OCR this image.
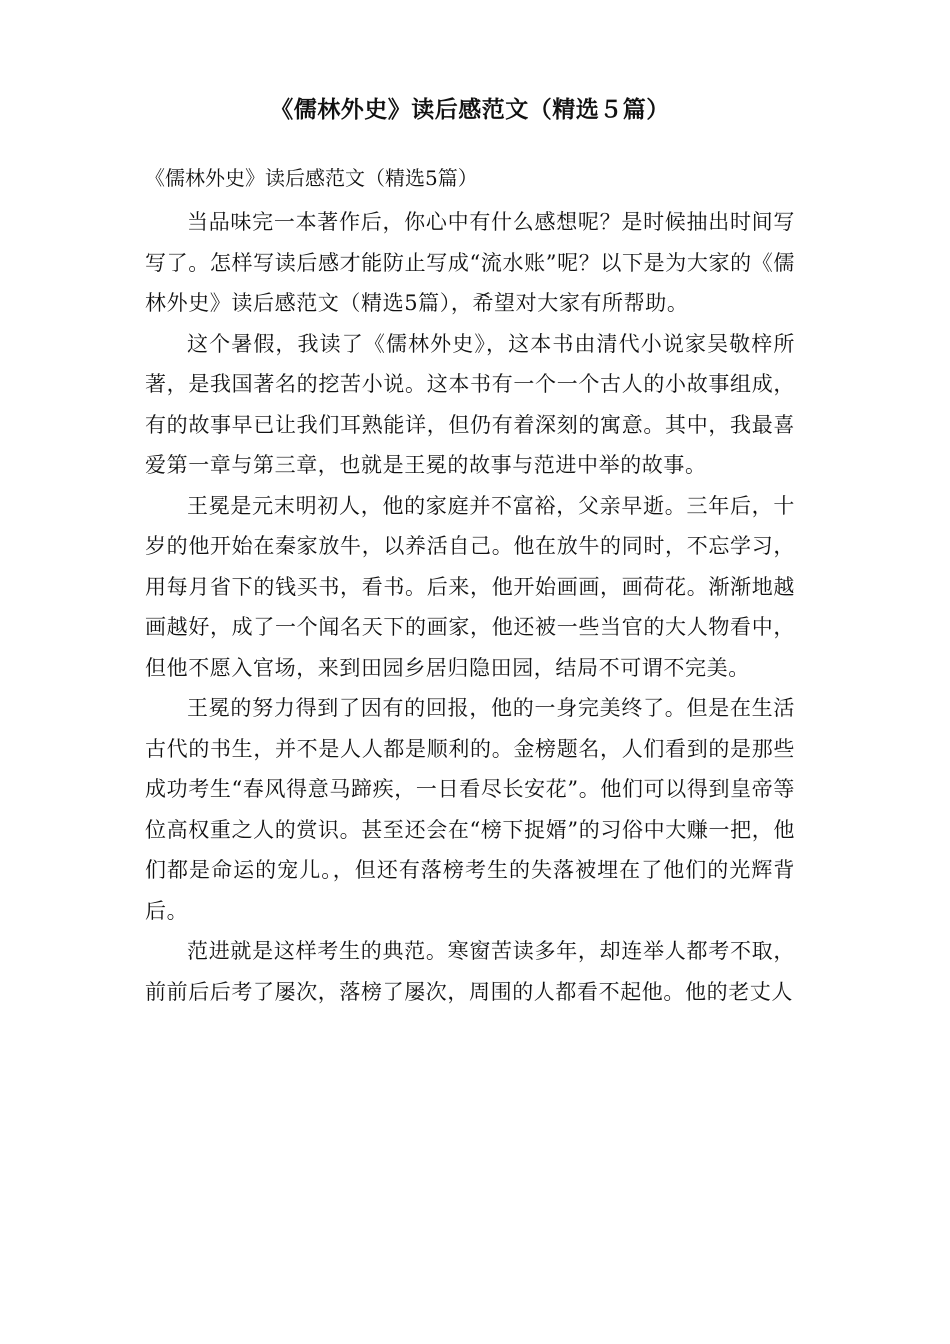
《儒林外史》读后感范文（精选５篇）

《儒林外史》读后感范文（精选5篇）

当品味完一本著作后，你心中有什么感想呢？是时候抽出时间写写了。怎样写读后感才能防止写成“流水账”呢？以下是为大家的《儒林外史》读后感范文（精选5篇），希望对大家有所帮助。

这个暑假，我读了《儒林外史》，这本书由清代小说家吴敬梓所著，是我国著名的挖苦小说。这本书有一个一个古人的小故事组成，有的故事早已让我们耳熟能详，但仍有着深刻的寓意。其中，我最喜爱第一章与第三章，也就是王冕的故事与范进中举的故事。

王冕是元末明初人，他的家庭并不富裕，父亲早逝。三年后，十岁的他开始在秦家放牛，以养活自己。他在放牛的同时，不忘学习，用每月省下的钱买书，看书。后来，他开始画画，画荷花。渐渐地越画越好，成了一个闻名天下的画家，他还被一些当官的大人物看中，但他不愿入官场，来到田园乡居归隐田园，结局不可谓不完美。

王冕的努力得到了因有的回报，他的一身完美终了。但是在生活古代的书生，并不是人人都是顺利的。金榜题名，人们看到的是那些成功考生“春风得意马蹄疾，一日看尽长安花”。他们可以得到皇帝等位高权重之人的赏识。甚至还会在“榜下捉婿”的习俗中大赚一把，他们都是命运的宠儿。，但还有落榜考生的失落被埋在了他们的光辉背后。

范进就是这样考生的典范。寒窗苦读多年，却连举人都考不取，前前后后考了屡次，落榜了屡次，周围的人都看不起他。他的老丈人
